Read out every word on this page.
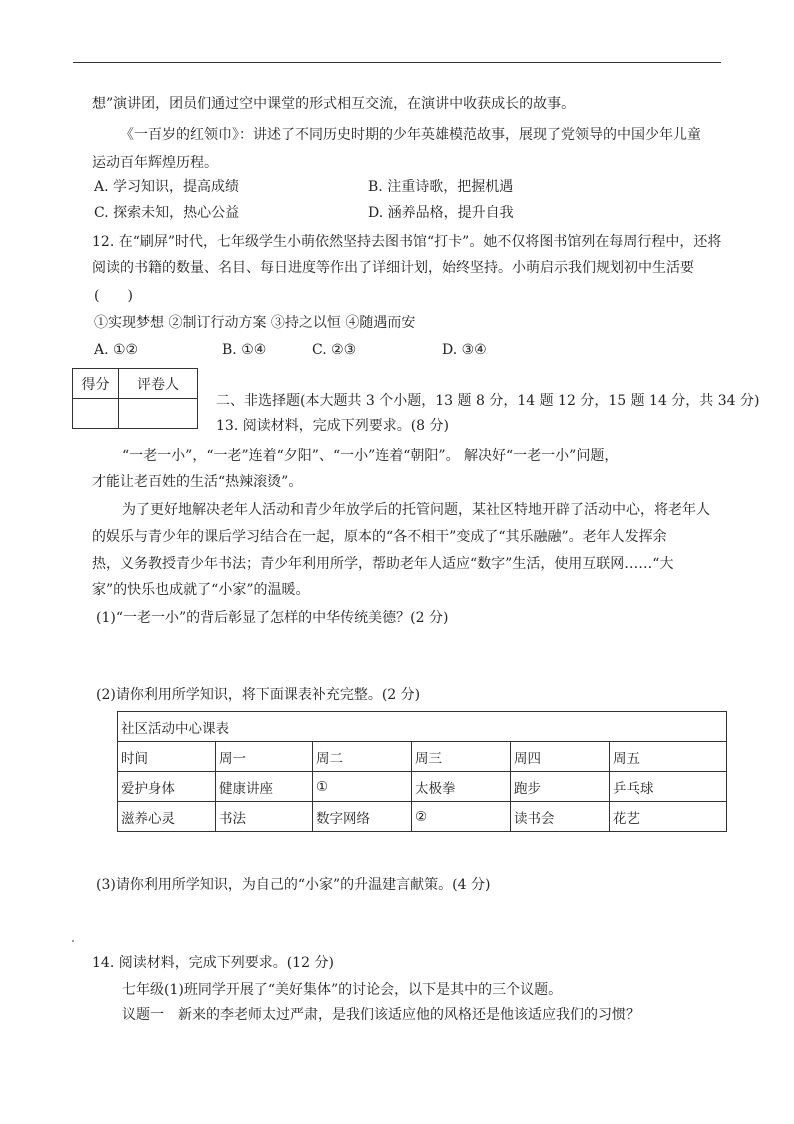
想”演讲团，团员们通过空中课堂的形式相互交流，在演讲中收获成长的故事。
《一百岁的红领巾》：讲述了不同历史时期的少年英雄模范故事，展现了党领导的中国少年儿童
运动百年辉煌历程。
A. 学习知识，提高成绩	B. 注重诗歌，把握机遇
C. 探索未知，热心公益	D. 涵养品格，提升自我
12. 在“刷屏”时代，七年级学生小萌依然坚持去图书馆“打卡”。她不仅将图书馆列在每周行程中，还将
阅读的书籍的数量、名目、每日进度等作出了详细计划，始终坚持。小萌启示我们规划初中生活要
(　　)
①实现梦想 ②制订行动方案 ③持之以恒 ④随遇而安
A. ①②	B. ①④	C. ②③	D. ③④
得分	评卷人

二、非选择题(本大题共 3 个小题，13 题 8 分，14 题 12 分，15 题 14 分，共 34 分)
13. 阅读材料，完成下列要求。(8 分)
“一老一小”，“一老”连着“夕阳”、“一小”连着“朝阳”。 解决好“一老一小”问题，
才能让老百姓的生活“热辣滚烫”。
为了更好地解决老年人活动和青少年放学后的托管问题，某社区特地开辟了活动中心，将老年人
的娱乐与青少年的课后学习结合在一起，原本的“各不相干”变成了“其乐融融”。老年人发挥余
热，义务教授青少年书法；青少年利用所学，帮助老年人适应“数字”生活，使用互联网……“大
家”的快乐也成就了“小家”的温暖。
(1)“一老一小”的背后彰显了怎样的中华传统美德？(2 分)
(2)请你利用所学知识，将下面课表补充完整。(2 分)
社区活动中心课表					
时间	周一	周二	周三	周四	周五
爱护身体	健康讲座	①	太极拳	跑步	乒乓球
滋养心灵	书法	数字网络	②	读书会	花艺
(3)请你利用所学知识，为自己的“小家”的升温建言献策。(4 分)
14. 阅读材料，完成下列要求。(12 分)
七年级(1)班同学开展了“美好集体”的讨论会，以下是其中的三个议题。
议题一　新来的李老师太过严肃，是我们该适应他的风格还是他该适应我们的习惯？
